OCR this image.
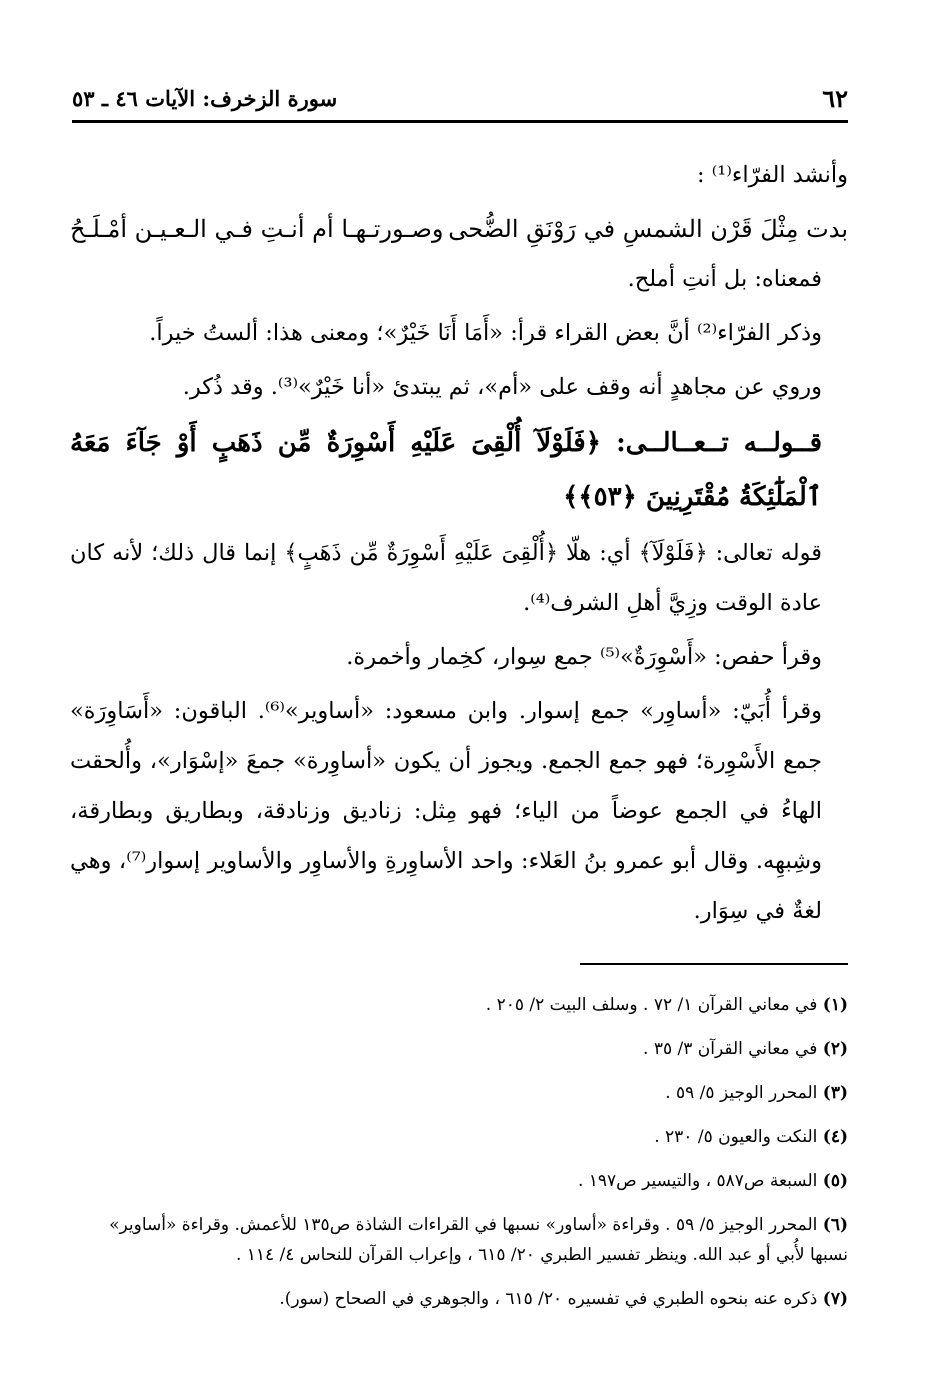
٦٢
سورة الزخرف: الآيات ٤٦ ـ ٥٣

وأنشد الفرّاء⁽¹⁾ :

بدت مِثْلَ قَرْن الشمسِ في رَوْنَقِ الضُّحى
وصـورتـهـا أم أنـتِ فـي الـعـيـن أمْـلَـحُ

فمعناه: بل أنتِ أملح.

وذكر الفرّاء⁽²⁾ أنَّ بعض القراء قرأ: «أَمَا أَنَا خَيْرٌ»؛ ومعنى هذا: ألستُ خيراً.

وروي عن مجاهدٍ أنه وقف على «أم»، ثم يبتدئ «أنا خَيْرٌ»⁽³⁾. وقد ذُكر.

قــولــه تــعــالــى: ﴿فَلَوْلَآ أُلْقِىَ عَلَيْهِ أَسْوِرَةٌ مِّن ذَهَبٍ أَوْ جَآءَ مَعَهُ ٱلْمَلَٰٓئِكَةُ مُقْتَرِنِينَ ﴿٥٣﴾﴾

قوله تعالى: ﴿فَلَوْلَآ﴾ أي: هلّا ﴿أُلْقِىَ عَلَيْهِ أَسْوِرَةٌ مِّن ذَهَبٍ﴾ إنما قال ذلك؛ لأنه كان عادة الوقت وزِيَّ أهلِ الشرف⁽⁴⁾.

وقرأ حفص: «أَسْوِرَةٌ»⁽⁵⁾ جمع سِوار، كخِمار وأخمرة.

وقرأ أُبَيّ: «أساوِر» جمع إسوار. وابن مسعود: «أساوير»⁽⁶⁾. الباقون: «أَسَاوِرَة» جمع الأَسْوِرة؛ فهو جمع الجمع. ويجوز أن يكون «أساوِرة» جمعَ «إسْوَار»، وأُلحقت الهاءُ في الجمع عوضاً من الياء؛ فهو مِثل: زناديق وزنادقة، وبطاريق وبطارقة، وشِبهِه. وقال أبو عمرو بنُ العَلاء: واحد الأساوِرةِ والأساوِر والأساوير إسوار⁽⁷⁾، وهي لغةٌ في سِوَار.

(١) في معاني القرآن ١/ ٧٢ . وسلف البيت ٢/ ٢٠٥ .
(٢) في معاني القرآن ٣/ ٣٥ .
(٣) المحرر الوجيز ٥/ ٥٩ .
(٤) النكت والعيون ٥/ ٢٣٠ .
(٥) السبعة ص٥٨٧ ، والتيسير ص١٩٧ .
(٦) المحرر الوجيز ٥/ ٥٩ . وقراءة «أساور» نسبها في القراءات الشاذة ص١٣٥ للأعمش. وقراءة «أساوير» نسبها لأُبي أو عبد الله. وينظر تفسير الطبري ٢٠/ ٦١٥ ، وإعراب القرآن للنحاس ٤/ ١١٤ .
(٧) ذكره عنه بنحوه الطبري في تفسيره ٢٠/ ٦١٥ ، والجوهري في الصحاح (سور).
